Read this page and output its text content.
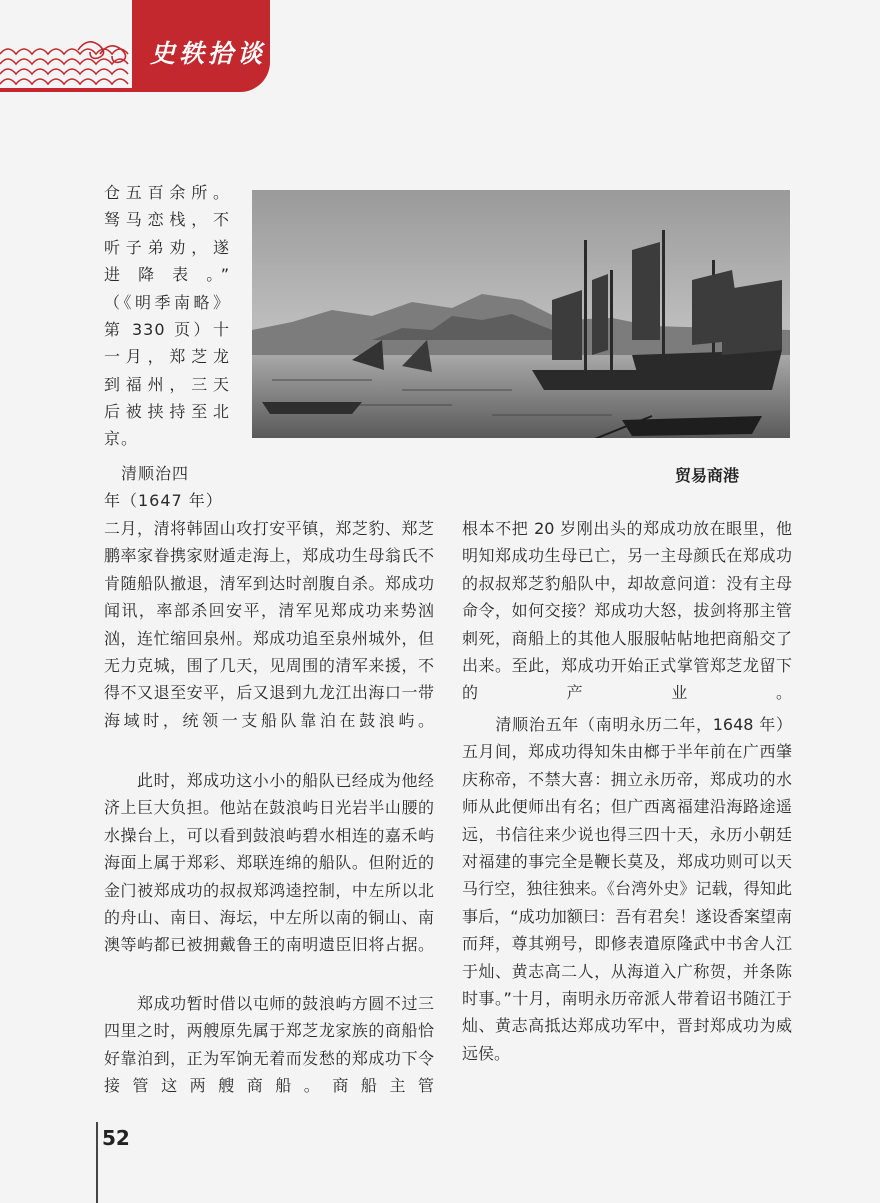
史轶拾谈
贸易商港

仓五百余所。

驽马恋栈，不

听子弟劝，遂

进 降 表 。”

（《明季南略》

第 330 页）十

一月，郑芝龙

到福州，三天

后被挟持至北

京。

　清顺治四

年（1647 年）

二月，清将韩固山攻打安平镇，郑芝豹、郑芝鹏率家眷携家财遁走海上，郑成功生母翁氏不肯随船队撤退，清军到达时剖腹自杀。郑成功闻讯，率部杀回安平，清军见郑成功来势汹汹，连忙缩回泉州。郑成功追至泉州城外，但无力克城，围了几天，见周围的清军来援，不得不又退至安平，后又退到九龙江出海口一带海域时，统领一支船队靠泊在鼓浪屿。

　　此时，郑成功这小小的船队已经成为他经济上巨大负担。他站在鼓浪屿日光岩半山腰的水操台上，可以看到鼓浪屿碧水相连的嘉禾屿海面上属于郑彩、郑联连绵的船队。但附近的金门被郑成功的叔叔郑鸿逵控制，中左所以北的舟山、南日、海坛，中左所以南的铜山、南澳等屿都已被拥戴鲁王的南明遗臣旧将占据。

　　郑成功暂时借以屯师的鼓浪屿方圆不过三四里之时，两艘原先属于郑芝龙家族的商船恰好靠泊到，正为军饷无着而发愁的郑成功下令接管这两艘商船。商船主管

根本不把 20 岁刚出头的郑成功放在眼里，他明知郑成功生母已亡，另一主母颜氏在郑成功的叔叔郑芝豹船队中，却故意问道：没有主母命令，如何交接？郑成功大怒，拔剑将那主管刺死，商船上的其他人服服帖帖地把商船交了出来。至此，郑成功开始正式掌管郑芝龙留下的产业。

　　清顺治五年（南明永历二年，1648 年）五月间，郑成功得知朱由榔于半年前在广西肇庆称帝，不禁大喜：拥立永历帝，郑成功的水师从此便师出有名；但广西离福建沿海路途遥远，书信往来少说也得三四十天，永历小朝廷对福建的事完全是鞭长莫及，郑成功则可以天马行空，独往独来。《台湾外史》记载，得知此事后，“成功加额曰：吾有君矣！遂设香案望南而拜，尊其朔号，即修表遣原隆武中书舍人江于灿、黄志高二人，从海道入广称贺，并条陈时事。”十月，南明永历帝派人带着诏书随江于灿、黄志高抵达郑成功军中，晋封郑成功为威远侯。

52
